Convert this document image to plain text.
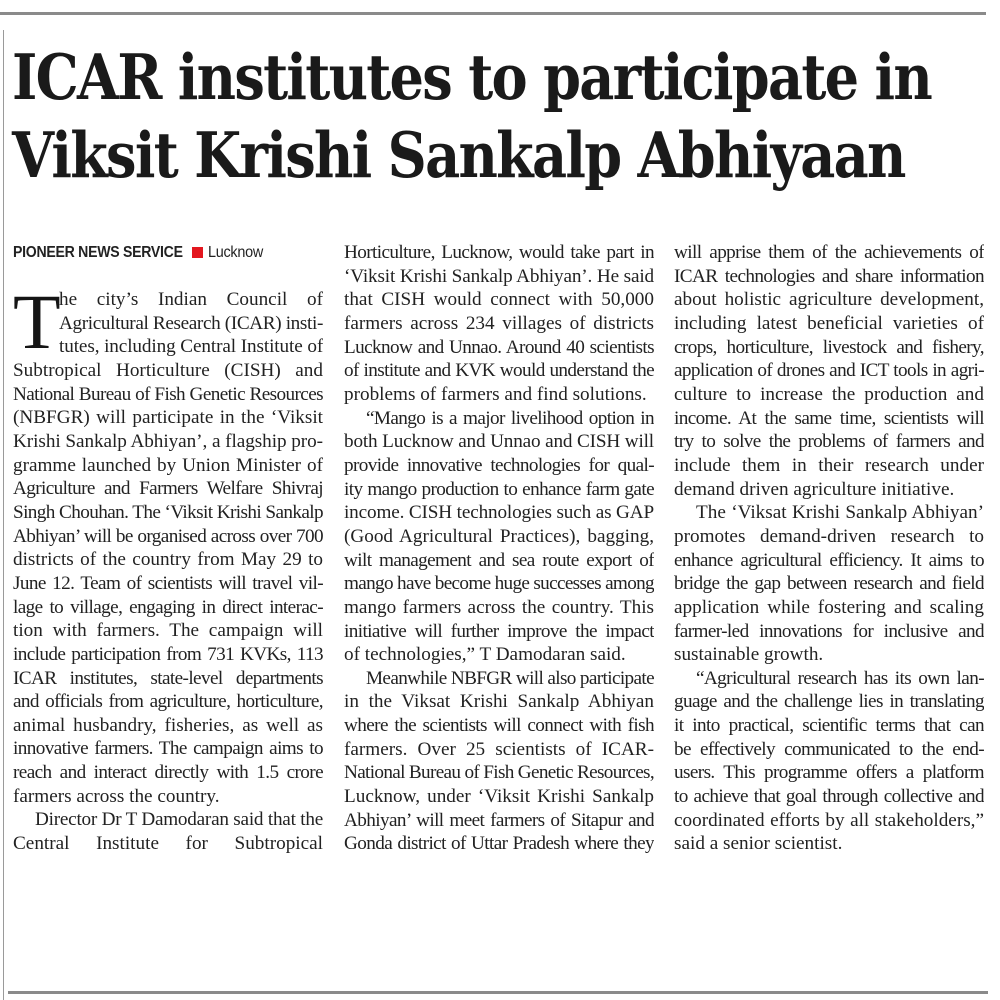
ICAR institutes to participate in
Viksit Krishi Sankalp Abhiyaan
PIONEER NEWS SERVICE Lucknow
T
he city’s Indian Council of
Agricultural Research (ICAR) insti-
tutes, including Central Institute of
Subtropical Horticulture (CISH) and
National Bureau of Fish Genetic Resources
(NBFGR) will participate in the ‘Viksit
Krishi Sankalp Abhiyan’, a flagship pro-
gramme launched by Union Minister of
Agriculture and Farmers Welfare Shivraj
Singh Chouhan. The ‘Viksit Krishi Sankalp
Abhiyan’ will be organised across over 700
districts of the country from May 29 to
June 12. Team of scientists will travel vil-
lage to village, engaging in direct interac-
tion with farmers. The campaign will
include participation from 731 KVKs, 113
ICAR institutes, state-level departments
and officials from agriculture, horticulture,
animal husbandry, fisheries, as well as
innovative farmers. The campaign aims to
reach and interact directly with 1.5 crore
farmers across the country.
Director Dr T Damodaran said that the
Central Institute for Subtropical
Horticulture, Lucknow, would take part in
‘Viksit Krishi Sankalp Abhiyan’. He said
that CISH would connect with 50,000
farmers across 234 villages of districts
Lucknow and Unnao. Around 40 scientists
of institute and KVK would understand the
problems of farmers and find solutions.
“Mango is a major livelihood option in
both Lucknow and Unnao and CISH will
provide innovative technologies for qual-
ity mango production to enhance farm gate
income. CISH technologies such as GAP
(Good Agricultural Practices), bagging,
wilt management and sea route export of
mango have become huge successes among
mango farmers across the country. This
initiative will further improve the impact
of technologies,” T Damodaran said.
Meanwhile NBFGR will also participate
in the Viksat Krishi Sankalp Abhiyan
where the scientists will connect with fish
farmers. Over 25 scientists of ICAR-
National Bureau of Fish Genetic Resources,
Lucknow, under ‘Viksit Krishi Sankalp
Abhiyan’ will meet farmers of Sitapur and
Gonda district of Uttar Pradesh where they
will apprise them of the achievements of
ICAR technologies and share information
about holistic agriculture development,
including latest beneficial varieties of
crops, horticulture, livestock and fishery,
application of drones and ICT tools in agri-
culture to increase the production and
income. At the same time, scientists will
try to solve the problems of farmers and
include them in their research under
demand driven agriculture initiative.
The ‘Viksat Krishi Sankalp Abhiyan’
promotes demand-driven research to
enhance agricultural efficiency. It aims to
bridge the gap between research and field
application while fostering and scaling
farmer-led innovations for inclusive and
sustainable growth.
“Agricultural research has its own lan-
guage and the challenge lies in translating
it into practical, scientific terms that can
be effectively communicated to the end-
users. This programme offers a platform
to achieve that goal through collective and
coordinated efforts by all stakeholders,”
said a senior scientist.
